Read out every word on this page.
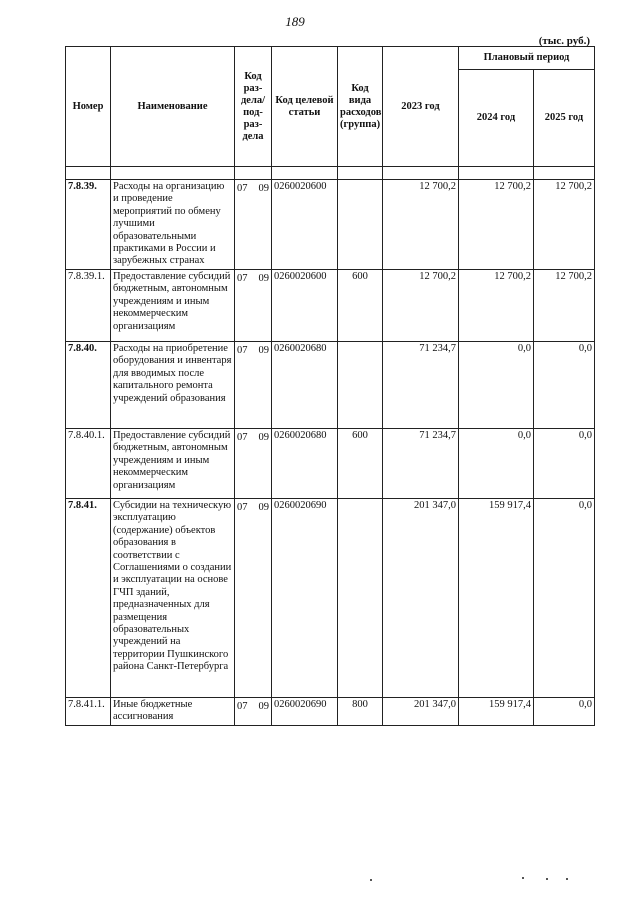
189
(тыс. руб.)
Номер	Наименование	Код раз-дела/ под-раз-дела	Код целевой статьи	Код вида расходов (группа)	2023 год	Плановый период	
						2024 год	2025 год

7.8.39.	Расходы на организацию и проведение мероприятий по обмену лучшими образовательными практиками в России и зарубежных странах	07 09	0260020600		12 700,2	12 700,2	12 700,2
7.8.39.1.	Предоставление субсидий бюджетным, автономным учреждениям и иным некоммерческим организациям	07 09	0260020600	600	12 700,2	12 700,2	12 700,2
7.8.40.	Расходы на приобретение оборудования и инвентаря для вводимых после капитального ремонта учреждений образования	07 09	0260020680		71 234,7	0,0	0,0
7.8.40.1.	Предоставление субсидий бюджетным, автономным учреждениям и иным некоммерческим организациям	07 09	0260020680	600	71 234,7	0,0	0,0
7.8.41.	Субсидии на техническую эксплуатацию (содержание) объектов образования в соответствии с Соглашениями о создании и эксплуатации на основе ГЧП зданий, предназначенных для размещения образовательных учреждений на территории Пушкинского района Санкт-Петербурга	07 09	0260020690		201 347,0	159 917,4	0,0
7.8.41.1.	Иные бюджетные ассигнования	07 09	0260020690	800	201 347,0	159 917,4	0,0
